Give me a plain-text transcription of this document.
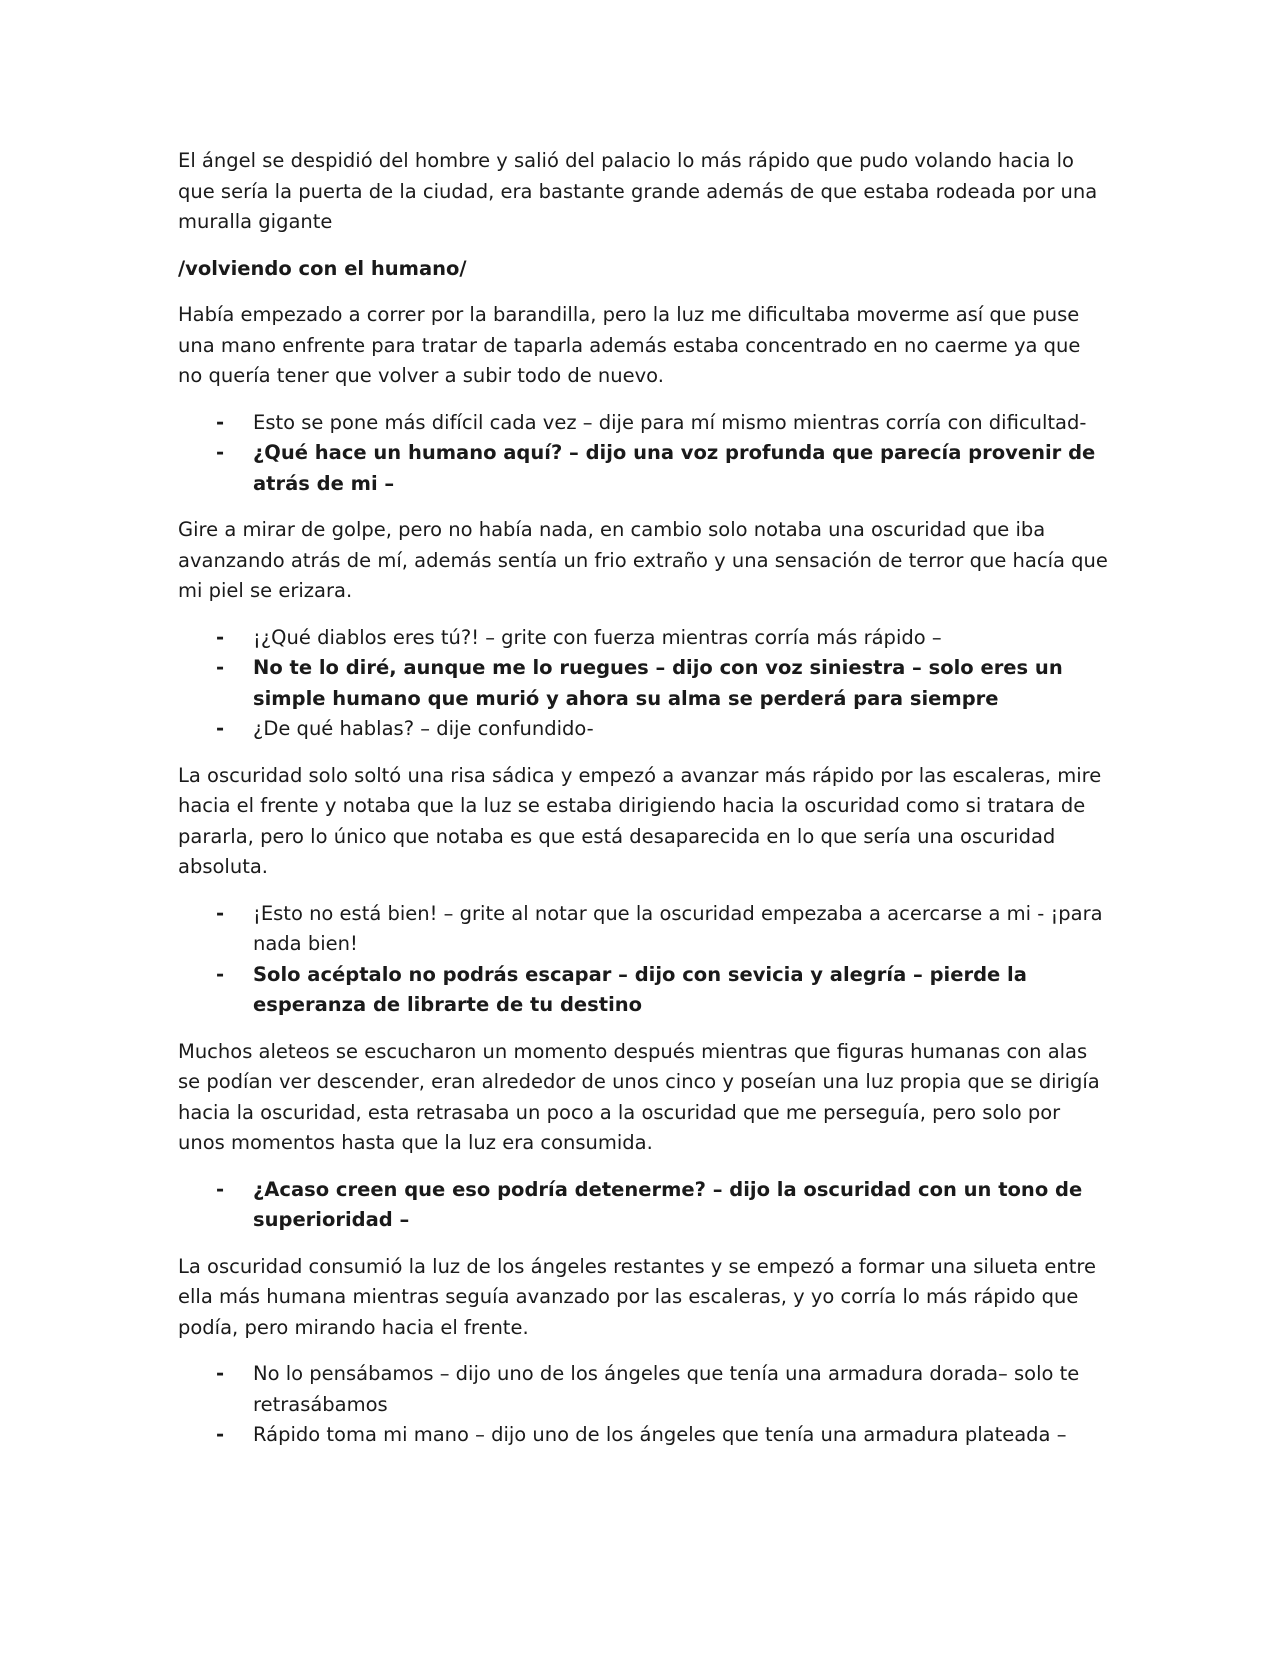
El ángel se despidió del hombre y salió del palacio lo más rápido que pudo volando hacia lo que sería la puerta de la ciudad, era bastante grande además de que estaba rodeada por una muralla gigante

/volviendo con el humano/

Había empezado a correr por la barandilla, pero la luz me dificultaba moverme así que puse una mano enfrente para tratar de taparla además estaba concentrado en no caerme ya que no quería tener que volver a subir todo de nuevo.

- Esto se pone más difícil cada vez – dije para mí mismo mientras corría con dificultad-
- ¿Qué hace un humano aquí? – dijo una voz profunda que parecía provenir de atrás de mi –

Gire a mirar de golpe, pero no había nada, en cambio solo notaba una oscuridad que iba avanzando atrás de mí, además sentía un frio extraño y una sensación de terror que hacía que mi piel se erizara.

- ¡¿Qué diablos eres tú?! – grite con fuerza mientras corría más rápido –
- No te lo diré, aunque me lo ruegues – dijo con voz siniestra – solo eres un simple humano que murió y ahora su alma se perderá para siempre
- ¿De qué hablas? – dije confundido-

La oscuridad solo soltó una risa sádica y empezó a avanzar más rápido por las escaleras, mire hacia el frente y notaba que la luz se estaba dirigiendo hacia la oscuridad como si tratara de pararla, pero lo único que notaba es que está desaparecida en lo que sería una oscuridad absoluta.

- ¡Esto no está bien! – grite al notar que la oscuridad empezaba a acercarse a mi - ¡para nada bien!
- Solo acéptalo no podrás escapar – dijo con sevicia y alegría – pierde la esperanza de librarte de tu destino

Muchos aleteos se escucharon un momento después mientras que figuras humanas con alas se podían ver descender, eran alrededor de unos cinco y poseían una luz propia que se dirigía hacia la oscuridad, esta retrasaba un poco a la oscuridad que me perseguía, pero solo por unos momentos hasta que la luz era consumida.

- ¿Acaso creen que eso podría detenerme? – dijo la oscuridad con un tono de superioridad –

La oscuridad consumió la luz de los ángeles restantes y se empezó a formar una silueta entre ella más humana mientras seguía avanzado por las escaleras, y yo corría lo más rápido que podía, pero mirando hacia el frente.

- No lo pensábamos – dijo uno de los ángeles que tenía una armadura dorada– solo te retrasábamos
- Rápido toma mi mano – dijo uno de los ángeles que tenía una armadura plateada –
